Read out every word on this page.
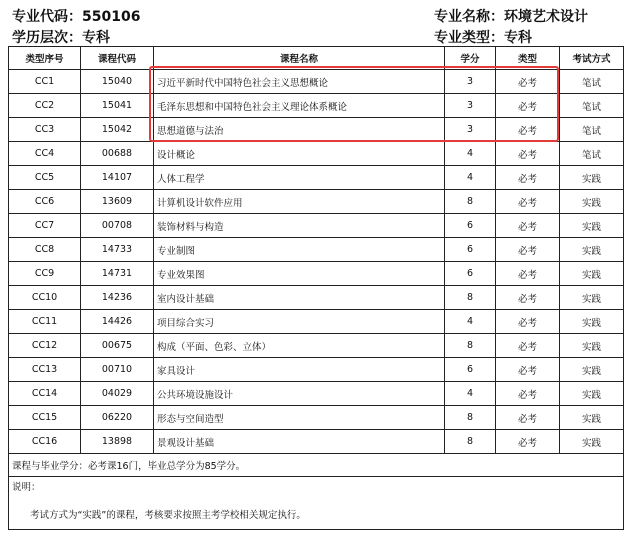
专业代码：550106
学历层次：专科
专业名称：环境艺术设计
专业类型：专科
类型序号	课程代码	课程名称	学分	类型	考试方式
CC1	15040	习近平新时代中国特色社会主义思想概论	3	必考	笔试
CC2	15041	毛泽东思想和中国特色社会主义理论体系概论	3	必考	笔试
CC3	15042	思想道德与法治	3	必考	笔试
CC4	00688	设计概论	4	必考	笔试
CC5	14107	人体工程学	4	必考	实践
CC6	13609	计算机设计软件应用	8	必考	实践
CC7	00708	装饰材料与构造	6	必考	实践
CC8	14733	专业制图	6	必考	实践
CC9	14731	专业效果图	6	必考	实践
CC10	14236	室内设计基础	8	必考	实践
CC11	14426	项目综合实习	4	必考	实践
CC12	00675	构成（平面、色彩、立体）	8	必考	实践
CC13	00710	家具设计	6	必考	实践
CC14	04029	公共环境设施设计	4	必考	实践
CC15	06220	形态与空间造型	8	必考	实践
CC16	13898	景观设计基础	8	必考	实践
课程与毕业学分：必考课16门，毕业总学分为85学分。					

说明：
考试方式为“实践”的课程，考核要求按照主考学校相关规定执行。					
